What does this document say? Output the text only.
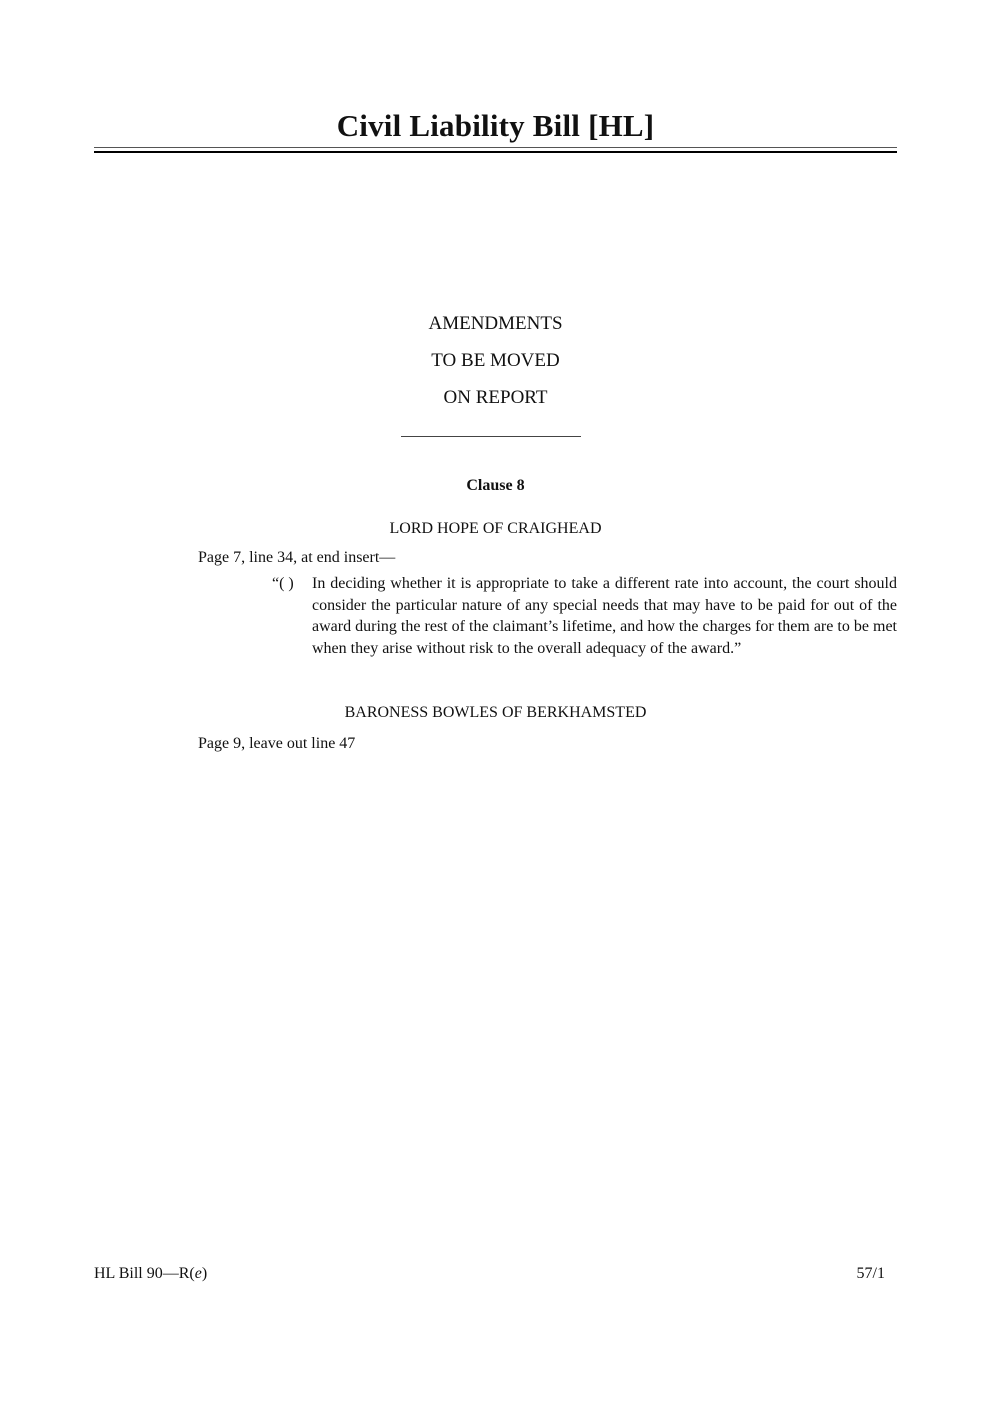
Civil Liability Bill [HL]
AMENDMENTS
TO BE MOVED
ON REPORT
Clause 8
LORD HOPE OF CRAIGHEAD
Page 7, line 34, at end insert—
“( )	In deciding whether it is appropriate to take a different rate into account, the court should consider the particular nature of any special needs that may have to be paid for out of the award during the rest of the claimant’s lifetime, and how the charges for them are to be met when they arise without risk to the overall adequacy of the award.”
BARONESS BOWLES OF BERKHAMSTED
Page 9, leave out line 47
HL Bill 90—R(e)	57/1
